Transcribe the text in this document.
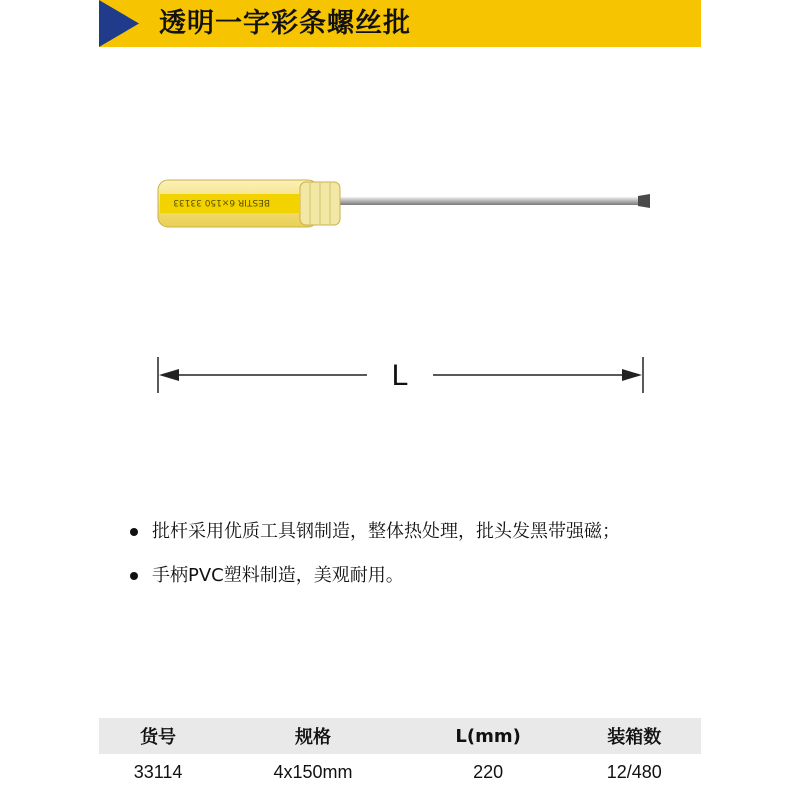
透明一字彩条螺丝批
BESTIR 6×150 33133
L
批杆采用优质工具钢制造，整体热处理，批头发黑带强磁；
手柄PVC塑料制造，美观耐用。
货号	规格	L(mm)	装箱数
33114	4x150mm	220	12/480
